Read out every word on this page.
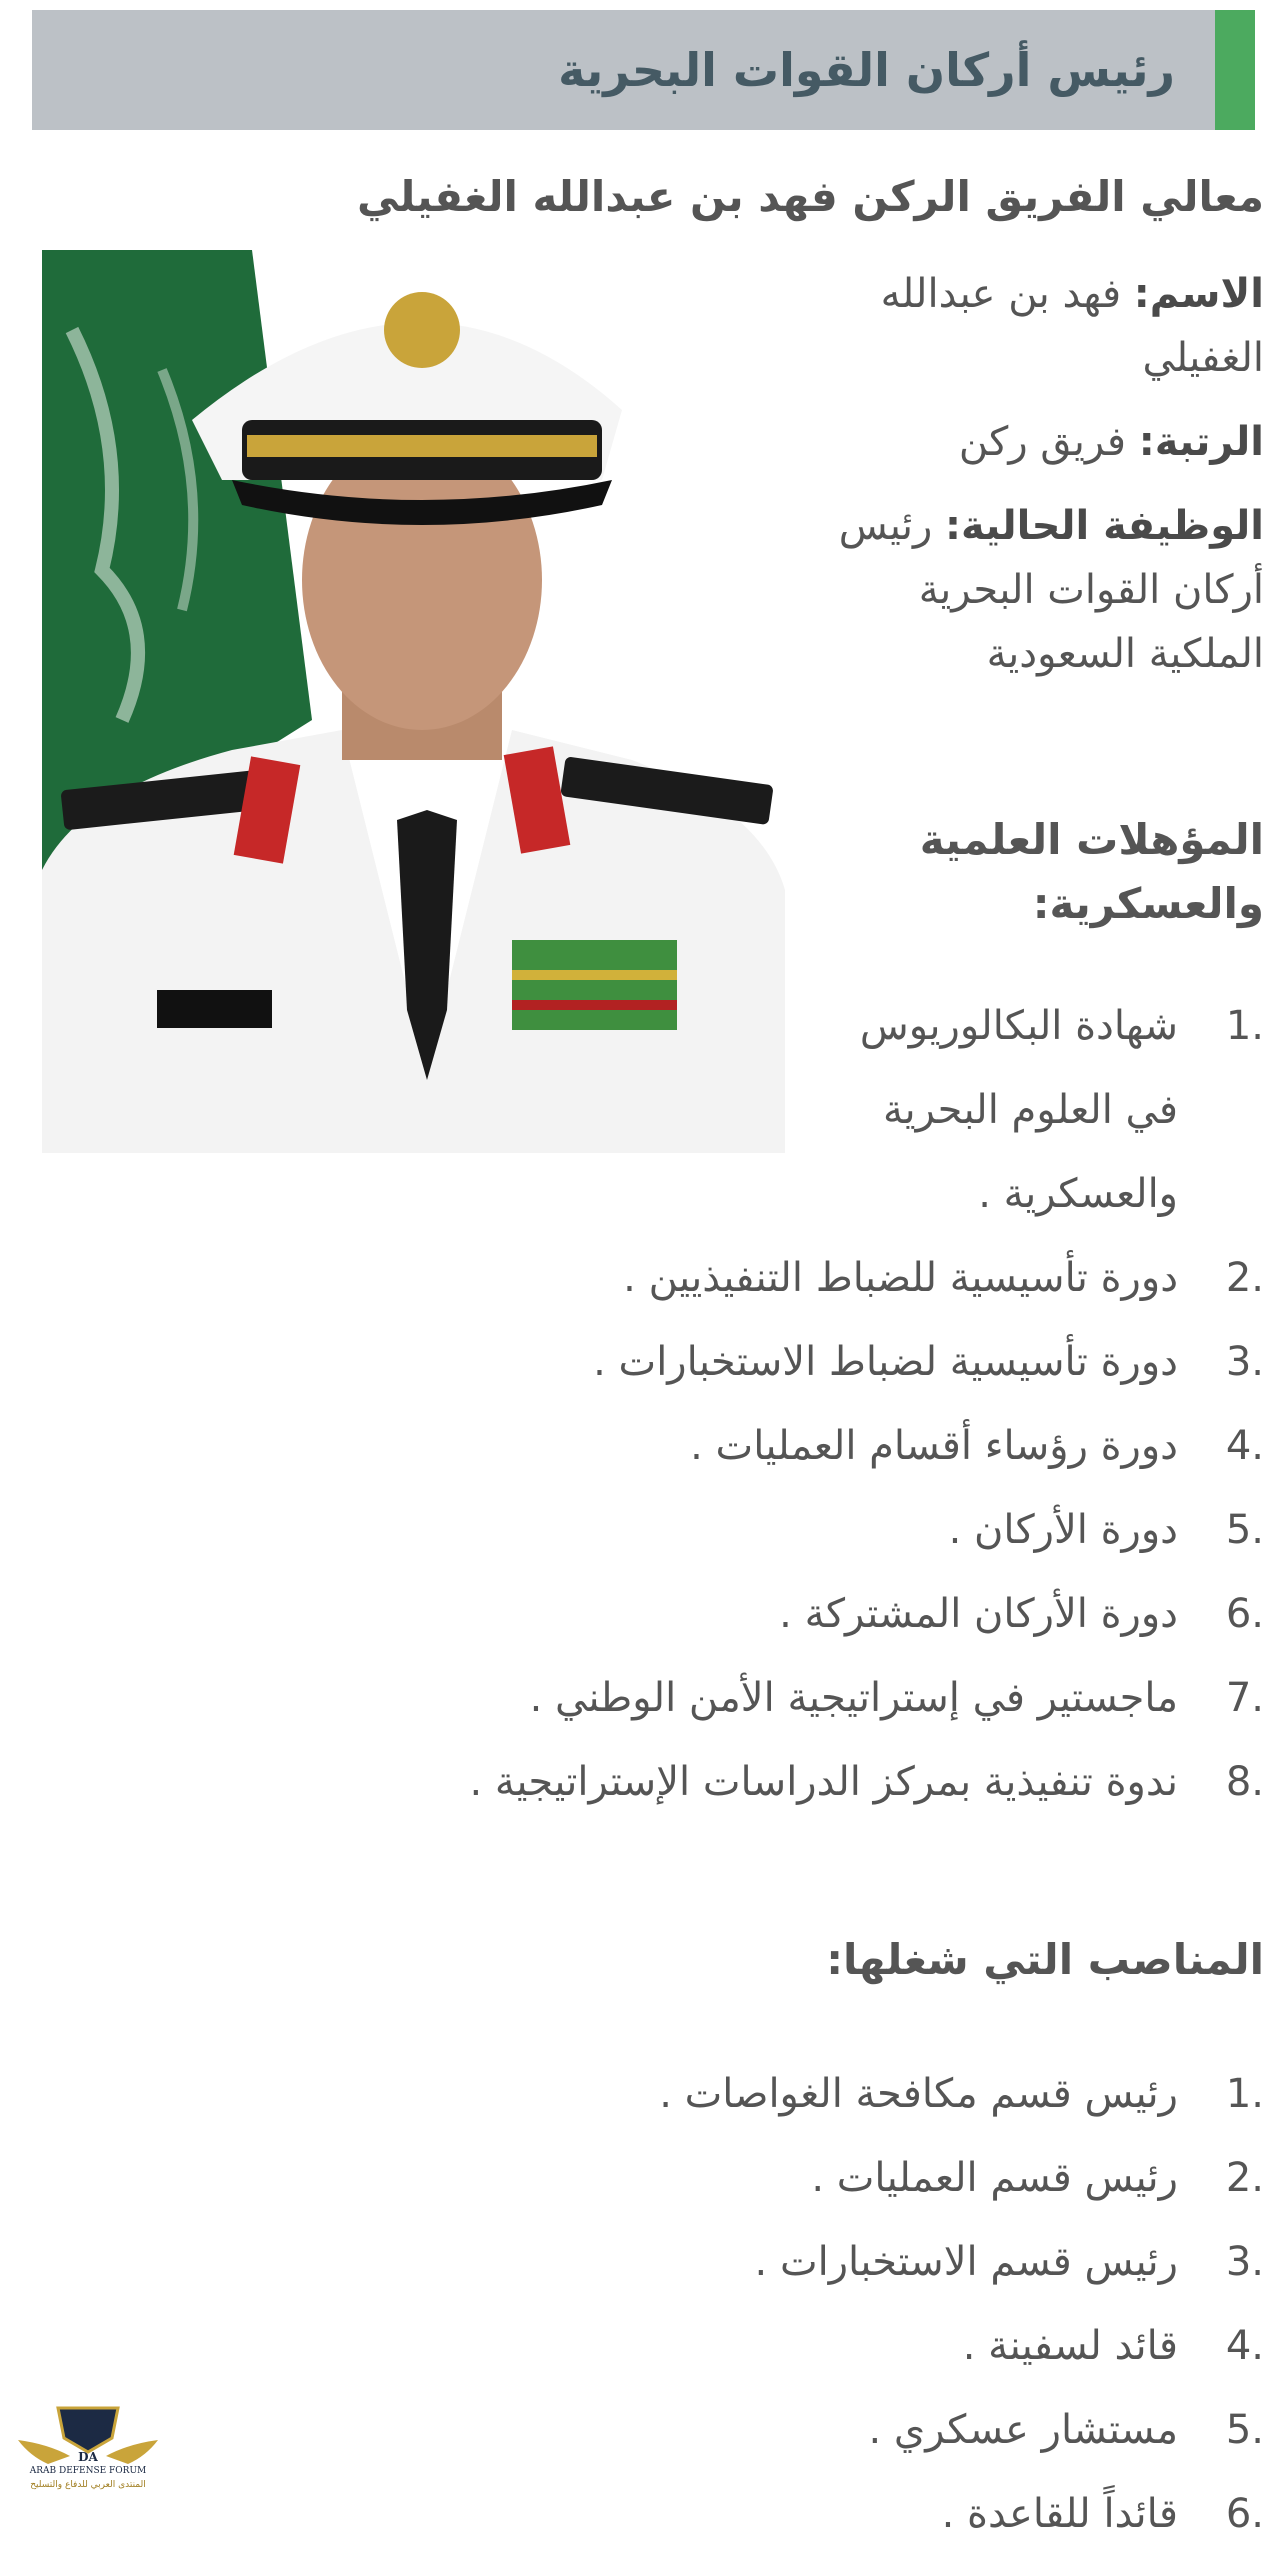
رئيس أركان القوات البحرية
معالي الفريق الركن فهد بن عبدالله الغفيلي

الاسم: فهد بن عبدالله الغفيلي

الرتبة: فريق ركن

الوظيفة الحالية: رئيس أركان القوات البحرية الملكية السعودية

المؤهلات العلمية والعسكرية:
1.
شهادة البكالوريوس في العلوم البحرية والعسكرية .
2.
دورة تأسيسية للضباط التنفيذيين .
3.
دورة تأسيسية لضباط الاستخبارات .
4.
دورة رؤساء أقسام العمليات .
5.
دورة الأركان .
6.
دورة الأركان المشتركة .
7.
ماجستير في إستراتيجية الأمن الوطني .
8.
ندوة تنفيذية بمركز الدراسات الإستراتيجية .
المناصب التي شغلها:
1.
رئيس قسم مكافحة الغواصات .
2.
رئيس قسم العمليات .
3.
رئيس قسم الاستخبارات .
4.
قائد لسفينة .
5.
مستشار عسكري .
6.
قائداً للقاعدة .
DA
ARAB DEFENSE FORUM
المنتدى العربي للدفاع والتسليح
